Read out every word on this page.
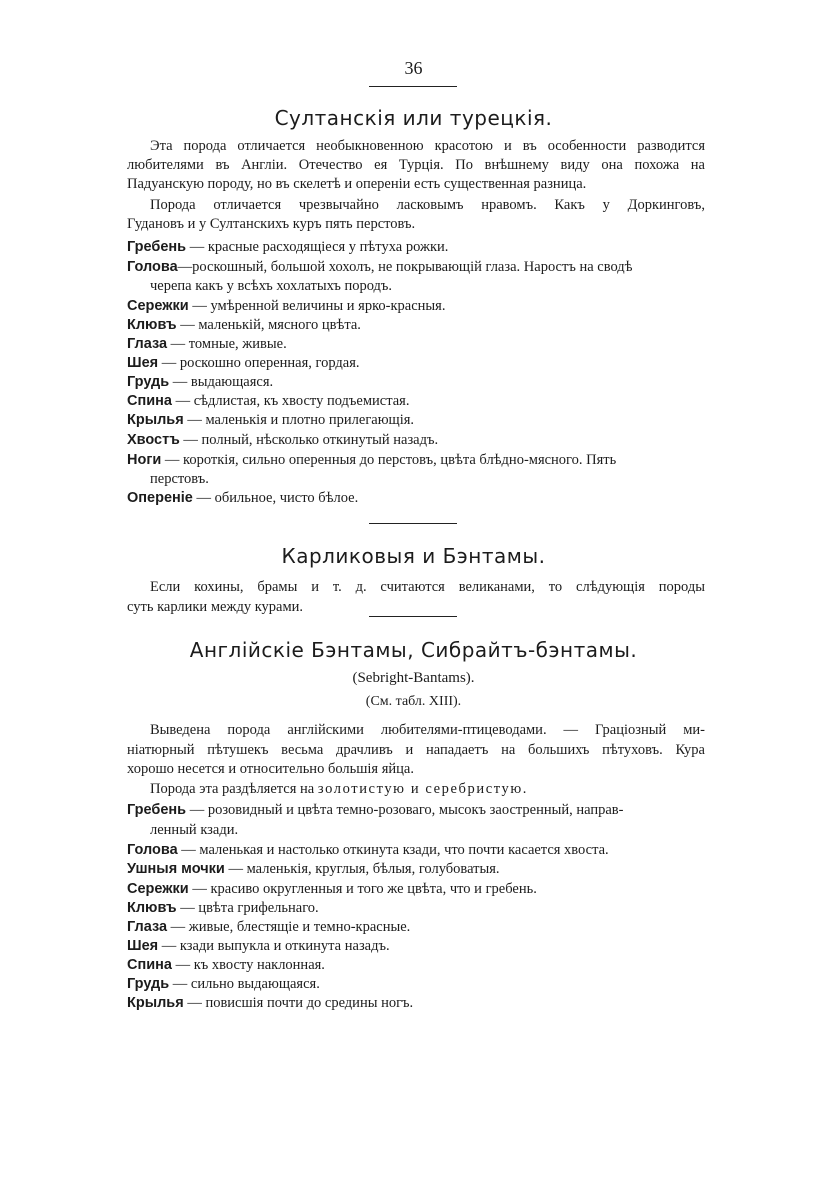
36
Султанскія или турецкія.
Эта порода отличается необыкновенною красотою и въ особенности разводится
любителями въ Англіи. Отечество ея Турція. По внѣшнему виду она похожа на
Падуанскую породу, но въ скелетѣ и опереніи есть существенная разница.
Порода отличается чрезвычайно ласковымъ нравомъ. Какъ у Доркинговъ,
Гудановъ и у Султанскихъ куръ пять перстовъ.
Гребень — красные расходящіеся у пѣтуха рожки.
Голова—роскошный, большой хохолъ, не покрывающій глаза. Наростъ на сводѣ
черепа какъ у всѣхъ хохлатыхъ породъ.
Сережки — умѣренной величины и ярко-красныя.
Клювъ — маленькій, мясного цвѣта.
Глаза — томные, живые.
Шея — роскошно оперенная, гордая.
Грудь — выдающаяся.
Спина — сѣдлистая, къ хвосту подъемистая.
Крылья — маленькія и плотно прилегающія.
Хвостъ — полный, нѣсколько откинутый назадъ.
Ноги — короткія, сильно оперенныя до перстовъ, цвѣта блѣдно-мясного. Пять
перстовъ.
Опереніе — обильное, чисто бѣлое.
Карликовыя и Бэнтамы.
Если кохины, брамы и т. д. считаются великанами, то слѣдующія породы
суть карлики между курами.
Англійскіе Бэнтамы, Сибрайтъ-бэнтамы.
(Sebright-Bantams).
(См. табл. XIII).
Выведена порода англійскими любителями-птицеводами. — Граціозный ми-
ніатюрный пѣтушекъ весьма драчливъ и нападаетъ на большихъ пѣтуховъ. Кура
хорошо несется и относительно большія яйца.
Порода эта раздѣляется на золотистую и серебристую.
Гребень — розовидный и цвѣта темно-розоваго, мысокъ заостренный, направ-
ленный кзади.
Голова — маленькая и настолько откинута кзади, что почти касается хвоста.
Ушныя мочки — маленькія, круглыя, бѣлыя, голубоватыя.
Сережки — красиво округленныя и того же цвѣта, что и гребень.
Клювъ — цвѣта грифельнаго.
Глаза — живые, блестящіе и темно-красные.
Шея — кзади выпукла и откинута назадъ.
Спина — къ хвосту наклонная.
Грудь — сильно выдающаяся.
Крылья — повисшія почти до средины ногъ.
